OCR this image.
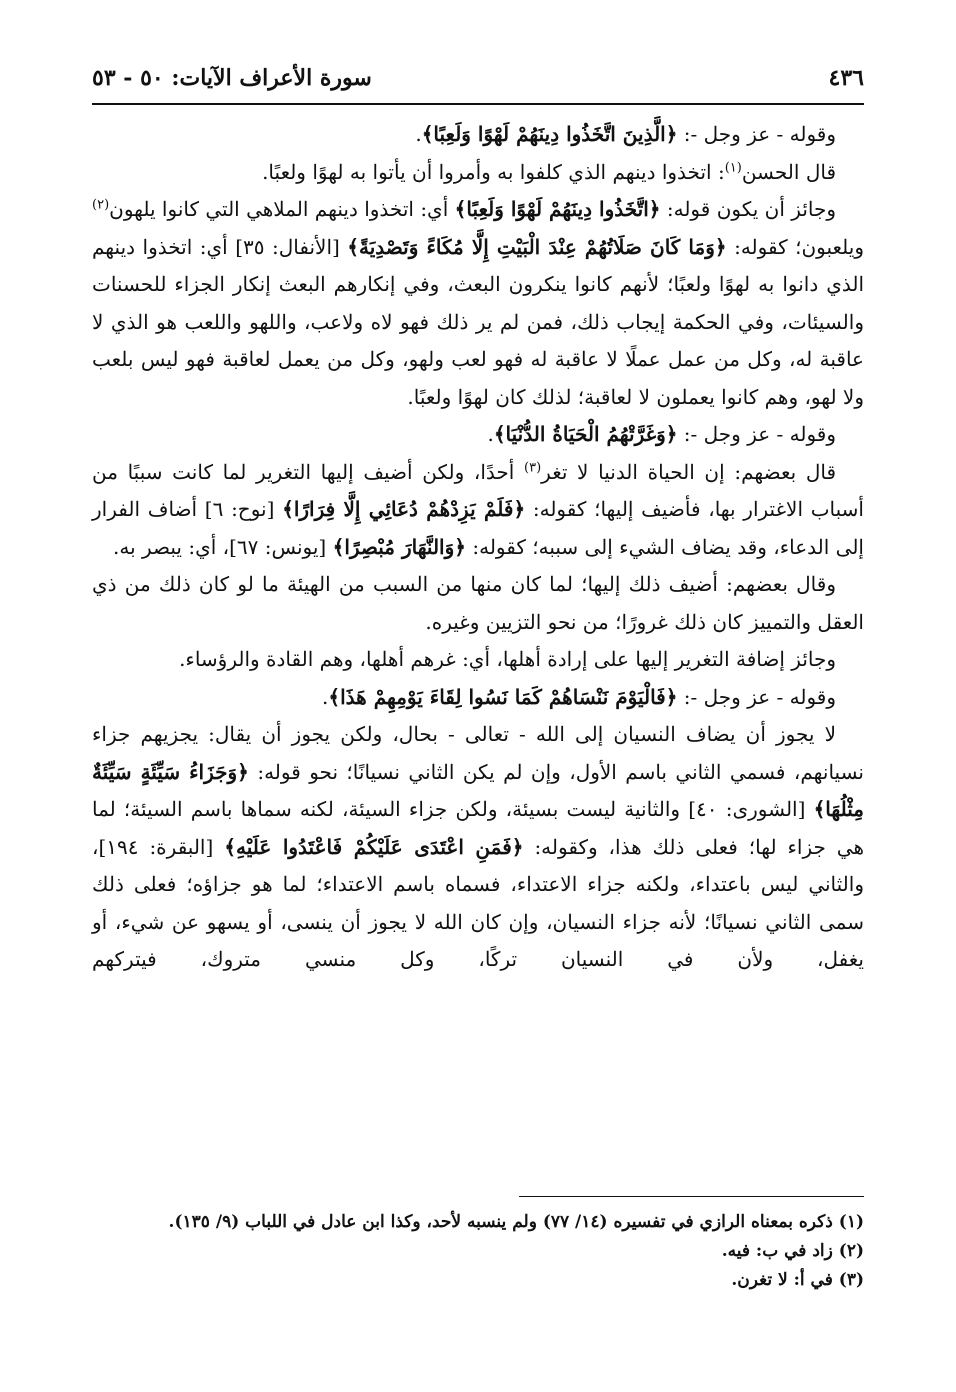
٤٣٦
سورة الأعراف الآيات: ٥٠ - ٥٣

وقوله - عز وجل -: ﴿الَّذِينَ اتَّخَذُوا دِينَهُمْ لَهْوًا وَلَعِبًا﴾.

قال الحسن$^{(١)}$: اتخذوا دينهم الذي كلفوا به وأمروا أن يأتوا به لهوًا ولعبًا.

وجائز أن يكون قوله: ﴿اتَّخَذُوا دِينَهُمْ لَهْوًا وَلَعِبًا﴾ أي: اتخذوا دينهم الملاهي التي كانوا يلهون$^{(٢)}$ ويلعبون؛ كقوله: ﴿وَمَا كَانَ صَلَاتُهُمْ عِنْدَ الْبَيْتِ إِلَّا مُكَاءً وَتَصْدِيَةً﴾ [الأنفال: ٣٥] أي: اتخذوا دينهم الذي دانوا به لهوًا ولعبًا؛ لأنهم كانوا ينكرون البعث، وفي إنكارهم البعث إنكار الجزاء للحسنات والسيئات، وفي الحكمة إيجاب ذلك، فمن لم ير ذلك فهو لاه ولاعب، واللهو واللعب هو الذي لا عاقبة له، وكل من عمل عملًا لا عاقبة له فهو لعب ولهو، وكل من يعمل لعاقبة فهو ليس بلعب ولا لهو، وهم كانوا يعملون لا لعاقبة؛ لذلك كان لهوًا ولعبًا.

وقوله - عز وجل -: ﴿وَغَرَّتْهُمُ الْحَيَاةُ الدُّنْيَا﴾.

قال بعضهم: إن الحياة الدنيا لا تغر$^{(٣)}$ أحدًا، ولكن أضيف إليها التغرير لما كانت سببًا من أسباب الاغترار بها، فأضيف إليها؛ كقوله: ﴿فَلَمْ يَزِدْهُمْ دُعَائِي إِلَّا فِرَارًا﴾ [نوح: ٦] أضاف الفرار إلى الدعاء، وقد يضاف الشيء إلى سببه؛ كقوله: ﴿وَالنَّهَارَ مُبْصِرًا﴾ [يونس: ٦٧]، أي: يبصر به.

وقال بعضهم: أضيف ذلك إليها؛ لما كان منها من السبب من الهيئة ما لو كان ذلك من ذي العقل والتمييز كان ذلك غرورًا؛ من نحو التزيين وغيره.

وجائز إضافة التغرير إليها على إرادة أهلها، أي: غرهم أهلها، وهم القادة والرؤساء.

وقوله - عز وجل -: ﴿فَالْيَوْمَ نَنْسَاهُمْ كَمَا نَسُوا لِقَاءَ يَوْمِهِمْ هَذَا﴾.

لا يجوز أن يضاف النسيان إلى الله - تعالى - بحال، ولكن يجوز أن يقال: يجزيهم جزاء نسيانهم، فسمي الثاني باسم الأول، وإن لم يكن الثاني نسيانًا؛ نحو قوله: ﴿وَجَزَاءُ سَيِّئَةٍ سَيِّئَةٌ مِثْلُهَا﴾ [الشورى: ٤٠] والثانية ليست بسيئة، ولكن جزاء السيئة، لكنه سماها باسم السيئة؛ لما هي جزاء لها؛ فعلى ذلك هذا، وكقوله: ﴿فَمَنِ اعْتَدَى عَلَيْكُمْ فَاعْتَدُوا عَلَيْهِ﴾ [البقرة: ١٩٤]، والثاني ليس باعتداء، ولكنه جزاء الاعتداء، فسماه باسم الاعتداء؛ لما هو جزاؤه؛ فعلى ذلك سمى الثاني نسيانًا؛ لأنه جزاء النسيان، وإن كان الله لا يجوز أن ينسى، أو يسهو عن شيء، أو يغفل، ولأن في النسيان تركًا، وكل منسي متروك، فيتركهم

(١) ذكره بمعناه الرازي في تفسيره (١٤/ ٧٧) ولم ينسبه لأحد، وكذا ابن عادل في اللباب (٩/ ١٣٥).

(٢) زاد في ب: فيه.

(٣) في أ: لا تغرن.
